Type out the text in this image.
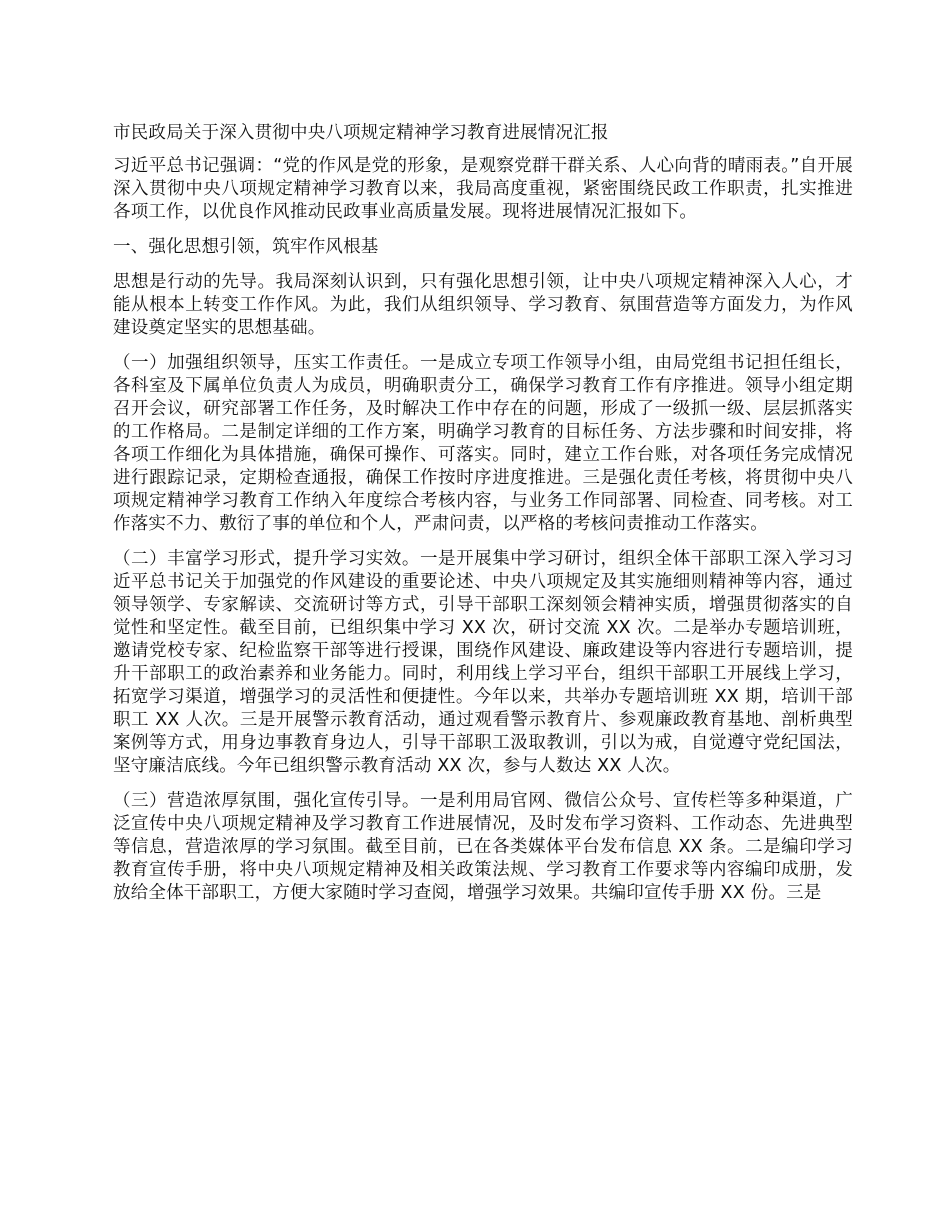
市民政局关于深入贯彻中央八项规定精神学习教育进展情况汇报
习近平总书记强调：“党的作风是党的形象，是观察党群干群关系、人心向背的晴雨表。”自开展深入贯彻中央八项规定精神学习教育以来，我局高度重视，紧密围绕民政工作职责，扎实推进各项工作，以优良作风推动民政事业高质量发展。现将进展情况汇报如下。
一、强化思想引领，筑牢作风根基
思想是行动的先导。我局深刻认识到，只有强化思想引领，让中央八项规定精神深入人心，才能从根本上转变工作作风。为此，我们从组织领导、学习教育、氛围营造等方面发力，为作风建设奠定坚实的思想基础。
（一）加强组织领导，压实工作责任。一是成立专项工作领导小组，由局党组书记担任组长，各科室及下属单位负责人为成员，明确职责分工，确保学习教育工作有序推进。领导小组定期召开会议，研究部署工作任务，及时解决工作中存在的问题，形成了一级抓一级、层层抓落实的工作格局。二是制定详细的工作方案，明确学习教育的目标任务、方法步骤和时间安排，将各项工作细化为具体措施，确保可操作、可落实。同时，建立工作台账，对各项任务完成情况进行跟踪记录，定期检查通报，确保工作按时序进度推进。三是强化责任考核，将贯彻中央八项规定精神学习教育工作纳入年度综合考核内容，与业务工作同部署、同检查、同考核。对工作落实不力、敷衍了事的单位和个人，严肃问责，以严格的考核问责推动工作落实。
（二）丰富学习形式，提升学习实效。一是开展集中学习研讨，组织全体干部职工深入学习习近平总书记关于加强党的作风建设的重要论述、中央八项规定及其实施细则精神等内容，通过领导领学、专家解读、交流研讨等方式，引导干部职工深刻领会精神实质，增强贯彻落实的自觉性和坚定性。截至目前，已组织集中学习 XX 次，研讨交流 XX 次。二是举办专题培训班，邀请党校专家、纪检监察干部等进行授课，围绕作风建设、廉政建设等内容进行专题培训，提升干部职工的政治素养和业务能力。同时，利用线上学习平台，组织干部职工开展线上学习，拓宽学习渠道，增强学习的灵活性和便捷性。今年以来，共举办专题培训班 XX 期，培训干部职工 XX 人次。三是开展警示教育活动，通过观看警示教育片、参观廉政教育基地、剖析典型案例等方式，用身边事教育身边人，引导干部职工汲取教训，引以为戒，自觉遵守党纪国法，坚守廉洁底线。今年已组织警示教育活动 XX 次，参与人数达 XX 人次。
（三）营造浓厚氛围，强化宣传引导。一是利用局官网、微信公众号、宣传栏等多种渠道，广泛宣传中央八项规定精神及学习教育工作进展情况，及时发布学习资料、工作动态、先进典型等信息，营造浓厚的学习氛围。截至目前，已在各类媒体平台发布信息 XX 条。二是编印学习教育宣传手册，将中央八项规定精神及相关政策法规、学习教育工作要求等内容编印成册，发放给全体干部职工，方便大家随时学习查阅，增强学习效果。共编印宣传手册 XX 份。三是
